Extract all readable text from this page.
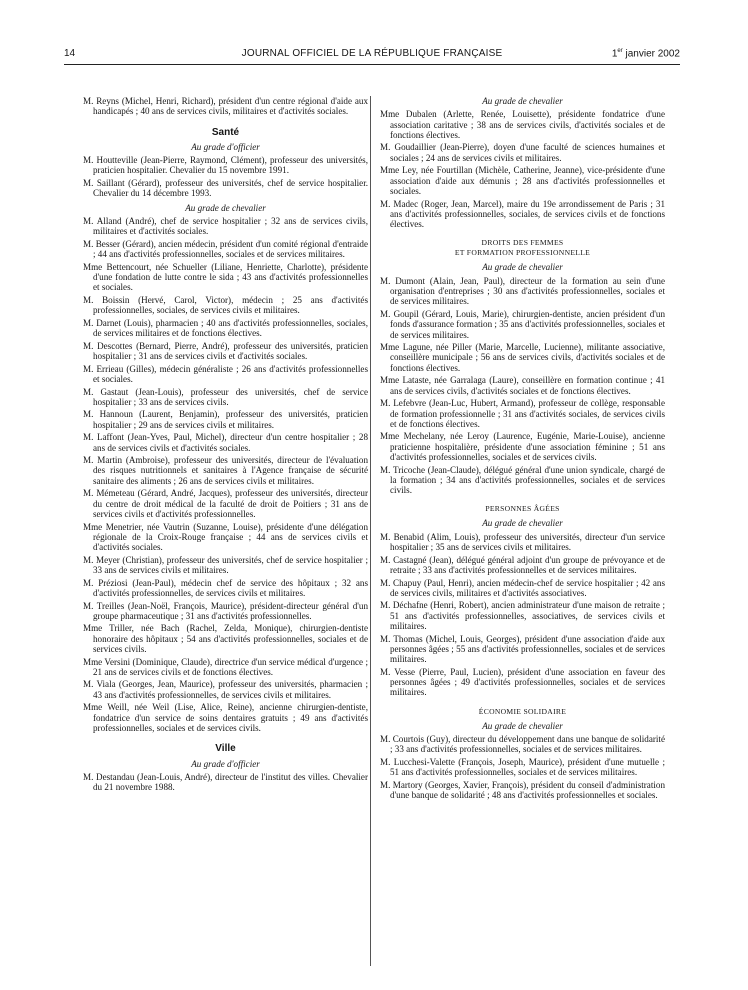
14	JOURNAL OFFICIEL DE LA RÉPUBLIQUE FRANÇAISE	1er janvier 2002
M. Reyns (Michel, Henri, Richard), président d'un centre régional d'aide aux handicapés ; 40 ans de services civils, militaires et d'activités sociales.
Santé
Au grade d'officier
M. Houtteville (Jean-Pierre, Raymond, Clément), professeur des universités, praticien hospitalier. Chevalier du 15 novembre 1991.
M. Saillant (Gérard), professeur des universités, chef de service hospitalier. Chevalier du 14 décembre 1993.
Au grade de chevalier
M. Alland (André), chef de service hospitalier ; 32 ans de services civils, militaires et d'activités sociales.
M. Besser (Gérard), ancien médecin, président d'un comité régional d'entraide ; 44 ans d'activités professionnelles, sociales et de services militaires.
Mme Bettencourt, née Schueller (Liliane, Henriette, Charlotte), présidente d'une fondation de lutte contre le sida ; 43 ans d'activités professionnelles et sociales.
M. Boissin (Hervé, Carol, Victor), médecin ; 25 ans d'activités professionnelles, sociales, de services civils et militaires.
M. Darnet (Louis), pharmacien ; 40 ans d'activités professionnelles, sociales, de services militaires et de fonctions électives.
M. Descottes (Bernard, Pierre, André), professeur des universités, praticien hospitalier ; 31 ans de services civils et d'activités sociales.
M. Errieau (Gilles), médecin généraliste ; 26 ans d'activités professionnelles et sociales.
M. Gastaut (Jean-Louis), professeur des universités, chef de service hospitalier ; 33 ans de services civils.
M. Hannoun (Laurent, Benjamin), professeur des universités, praticien hospitalier ; 29 ans de services civils et militaires.
M. Laffont (Jean-Yves, Paul, Michel), directeur d'un centre hospitalier ; 28 ans de services civils et d'activités sociales.
M. Martin (Ambroise), professeur des universités, directeur de l'évaluation des risques nutritionnels et sanitaires à l'Agence française de sécurité sanitaire des aliments ; 26 ans de services civils et militaires.
M. Mémeteau (Gérard, André, Jacques), professeur des universités, directeur du centre de droit médical de la faculté de droit de Poitiers ; 31 ans de services civils et d'activités professionnelles.
Mme Menetrier, née Vautrin (Suzanne, Louise), présidente d'une délégation régionale de la Croix-Rouge française ; 44 ans de services civils et d'activités sociales.
M. Meyer (Christian), professeur des universités, chef de service hospitalier ; 33 ans de services civils et militaires.
M. Préziosi (Jean-Paul), médecin chef de service des hôpitaux ; 32 ans d'activités professionnelles, de services civils et militaires.
M. Treilles (Jean-Noël, François, Maurice), président-directeur général d'un groupe pharmaceutique ; 31 ans d'activités professionnelles.
Mme Triller, née Bach (Rachel, Zelda, Monique), chirurgien-dentiste honoraire des hôpitaux ; 54 ans d'activités professionnelles, sociales et de services civils.
Mme Versini (Dominique, Claude), directrice d'un service médical d'urgence ; 21 ans de services civils et de fonctions électives.
M. Viala (Georges, Jean, Maurice), professeur des universités, pharmacien ; 43 ans d'activités professionnelles, de services civils et militaires.
Mme Weill, née Weil (Lise, Alice, Reine), ancienne chirurgien-dentiste, fondatrice d'un service de soins dentaires gratuits ; 49 ans d'activités professionnelles, sociales et de services civils.
Ville
Au grade d'officier
M. Destandau (Jean-Louis, André), directeur de l'institut des villes. Chevalier du 21 novembre 1988.
Au grade de chevalier
Mme Dubalen (Arlette, Renée, Louisette), présidente fondatrice d'une association caritative ; 38 ans de services civils, d'activités sociales et de fonctions électives.
M. Goudaillier (Jean-Pierre), doyen d'une faculté de sciences humaines et sociales ; 24 ans de services civils et militaires.
Mme Ley, née Fourtillan (Michèle, Catherine, Jeanne), vice-présidente d'une association d'aide aux démunis ; 28 ans d'activités professionnelles et sociales.
M. Madec (Roger, Jean, Marcel), maire du 19e arrondissement de Paris ; 31 ans d'activités professionnelles, sociales, de services civils et de fonctions électives.
DROITS DES FEMMES
ET FORMATION PROFESSIONNELLE
Au grade de chevalier
M. Dumont (Alain, Jean, Paul), directeur de la formation au sein d'une organisation d'entreprises ; 30 ans d'activités professionnelles, sociales et de services militaires.
M. Goupil (Gérard, Louis, Marie), chirurgien-dentiste, ancien président d'un fonds d'assurance formation ; 35 ans d'activités professionnelles, sociales et de services militaires.
Mme Lagune, née Piller (Marie, Marcelle, Lucienne), militante associative, conseillère municipale ; 56 ans de services civils, d'activités sociales et de fonctions électives.
Mme Lataste, née Garralaga (Laure), conseillère en formation continue ; 41 ans de services civils, d'activités sociales et de fonctions électives.
M. Lefebvre (Jean-Luc, Hubert, Armand), professeur de collège, responsable de formation professionnelle ; 31 ans d'activités sociales, de services civils et de fonctions électives.
Mme Mechelany, née Leroy (Laurence, Eugénie, Marie-Louise), ancienne praticienne hospitalière, présidente d'une association féminine ; 51 ans d'activités professionnelles, sociales et de services civils.
M. Tricoche (Jean-Claude), délégué général d'une union syndicale, chargé de la formation ; 34 ans d'activités professionnelles, sociales et de services civils.
PERSONNES ÂGÉES
Au grade de chevalier
M. Benabid (Alim, Louis), professeur des universités, directeur d'un service hospitalier ; 35 ans de services civils et militaires.
M. Castagné (Jean), délégué général adjoint d'un groupe de prévoyance et de retraite ; 33 ans d'activités professionnelles et de services militaires.
M. Chapuy (Paul, Henri), ancien médecin-chef de service hospitalier ; 42 ans de services civils, militaires et d'activités associatives.
M. Déchafne (Henri, Robert), ancien administrateur d'une maison de retraite ; 51 ans d'activités professionnelles, associatives, de services civils et militaires.
M. Thomas (Michel, Louis, Georges), président d'une association d'aide aux personnes âgées ; 55 ans d'activités professionnelles, sociales et de services militaires.
M. Vesse (Pierre, Paul, Lucien), président d'une association en faveur des personnes âgées ; 49 d'activités professionnelles, sociales et de services militaires.
ÉCONOMIE SOLIDAIRE
Au grade de chevalier
M. Courtois (Guy), directeur du développement dans une banque de solidarité ; 33 ans d'activités professionnelles, sociales et de services militaires.
M. Lucchesi-Valette (François, Joseph, Maurice), président d'une mutuelle ; 51 ans d'activités professionnelles, sociales et de services militaires.
M. Martory (Georges, Xavier, François), président du conseil d'administration d'une banque de solidarité ; 48 ans d'activités professionnelles et sociales.
